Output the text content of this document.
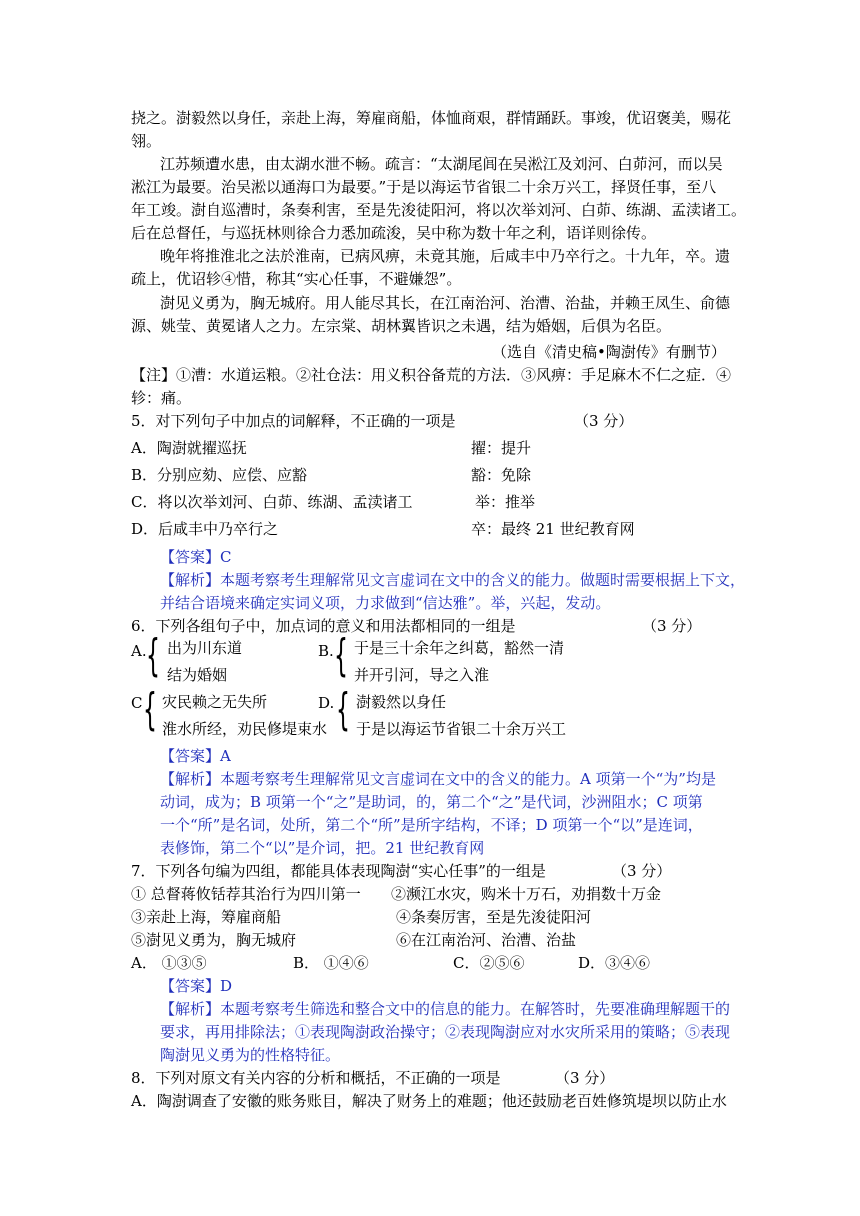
挠之。澍毅然以身任，亲赴上海，筹雇商船，体恤商艰，群情踊跃。事竣，优诏褒美，赐花
翎。
江苏频遭水患，由太湖水泄不畅。疏言：“太湖尾闾在吴淞江及刘河、白茆河，而以吴
淞江为最要。治吴淞以通海口为最要。”于是以海运节省银二十余万兴工，择贤任事，至八
年工竣。澍自巡漕时，条奏利害，至是先浚徒阳河，将以次举刘河、白茆、练湖、孟渎诸工。
后在总督任，与巡抚林则徐合力悉加疏浚，吴中称为数十年之利，语详则徐传。
晚年将推淮北之法於淮南，已病风痹，未竟其施，后咸丰中乃卒行之。十九年，卒。遗
疏上，优诏轸④惜，称其“实心任事，不避嫌怨”。
澍见义勇为，胸无城府。用人能尽其长，在江南治河、治漕、治盐，并赖王凤生、俞德
源、姚莹、黄冕诸人之力。左宗棠、胡林翼皆识之未遇，结为婚姻，后俱为名臣。
（选自《清史稿•陶澍传》有删节）
【注】①漕：水道运粮。②社仓法：用义积谷备荒的方法．③风痹：手足麻木不仁之症．④
轸：痛。
5．对下列句子中加点的词解释，不正确的一项是	（3 分）
A．陶澍就擢巡抚	擢：提升
B．分别应劾、应偿、应豁	豁：免除
C．将以次举刘河、白茆、练湖、孟渎诸工	举：推举
D．后咸丰中乃卒行之	卒：最终 21 世纪教育网
【答案】C
【解析】本题考察考生理解常见文言虚词在文中的含义的能力。做题时需要根据上下文，
并结合语境来确定实词义项，力求做到“信达雅”。举，兴起，发动。
6．下列各组句子中，加点词的意义和用法都相同的一组是	（3 分）
A. { 出为川东道
结为婚姻
B. { 于是三十余年之纠葛，豁然一清
并开引河，导之入淮
C { 灾民赖之无失所
淮水所经，劝民修堤束水
D. { 澍毅然以身任
于是以海运节省银二十余万兴工
【答案】A
【解析】本题考察考生理解常见文言虚词在文中的含义的能力。A 项第一个“为”均是
动词，成为；B 项第一个“之”是助词，的，第二个“之”是代词，沙洲阻水；C 项第
一个“所”是名词，处所，第二个“所”是所字结构，不译；D 项第一个“以”是连词，
表修饰，第二个“以”是介词，把。21 世纪教育网
7．下列各句编为四组，都能具体表现陶澍“实心任事”的一组是	（3 分）
① 总督蒋攸铦荐其治行为四川第一 ②濒江水灾，购米十万石，劝捐数十万金
③亲赴上海，筹雇商船	④条奏厉害，至是先浚徒阳河
⑤澍见义勇为，胸无城府	⑥在江南治河、治漕、治盐
A． ①③⑤	B． ①④⑥	C．②⑤⑥	D．③④⑥
【答案】D
【解析】本题考察考生筛选和整合文中的信息的能力。在解答时，先要准确理解题干的
要求，再用排除法；①表现陶澍政治操守；②表现陶澍应对水灾所采用的策略；⑤表现
陶澍见义勇为的性格特征。
8．下列对原文有关内容的分析和概括，不正确的一项是	（3 分）
A．陶澍调查了安徽的账务账目，解决了财务上的难题；他还鼓励老百姓修筑堤坝以防止水
